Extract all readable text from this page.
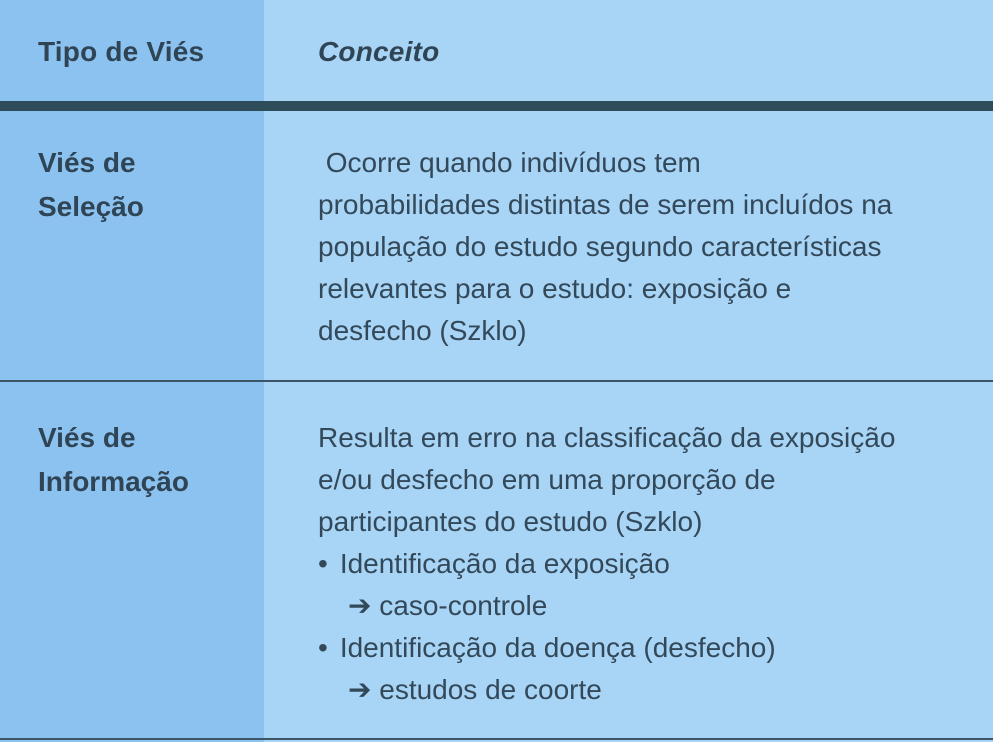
Tipo de Viés	Conceito
Viés de
Seleção
Ocorre quando indivíduos tem
probabilidades distintas de serem incluídos na
população do estudo segundo características
relevantes para o estudo: exposição e
desfecho (Szklo)
Viés de
Informação
Resulta em erro na classificação da exposição
e/ou desfecho em uma proporção de
participantes do estudo (Szklo)
• Identificação da exposição
➔ caso-controle
• Identificação da doença (desfecho)
➔ estudos de coorte
